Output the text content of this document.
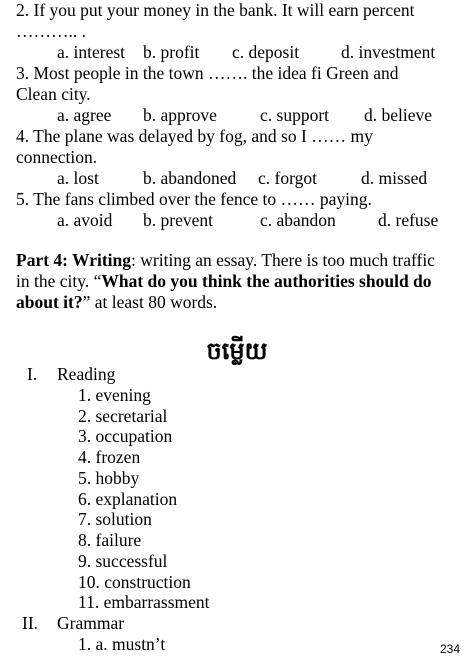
2. If you put your money in the bank. It will earn percent
……….. .
a. interest b. profit c. deposit d. investment
3. Most people in the town ……. the idea fi Green and
Clean city.
a. agree b. approve c. support d. believe
4. The plane was delayed by fog, and so I …… my
connection.
a. lost	b. abandoned c. forgot	d. missed
5. The fans climbed over the fence to …… paying.
a. avoid b. prevent	c. abandon d. refuse
Part 4: Writing: writing an essay. There is too much traffic
in the city. “What do you think the authorities should do
about it?” at least 80 words.
ចម្លើយ
I. Reading
1. evening
2. secretarial
3. occupation
4. frozen
5. hobby
6. explanation
7. solution
8. failure
9. successful
10. construction
11. embarrassment
II. Grammar
1. a. mustn’t	234
